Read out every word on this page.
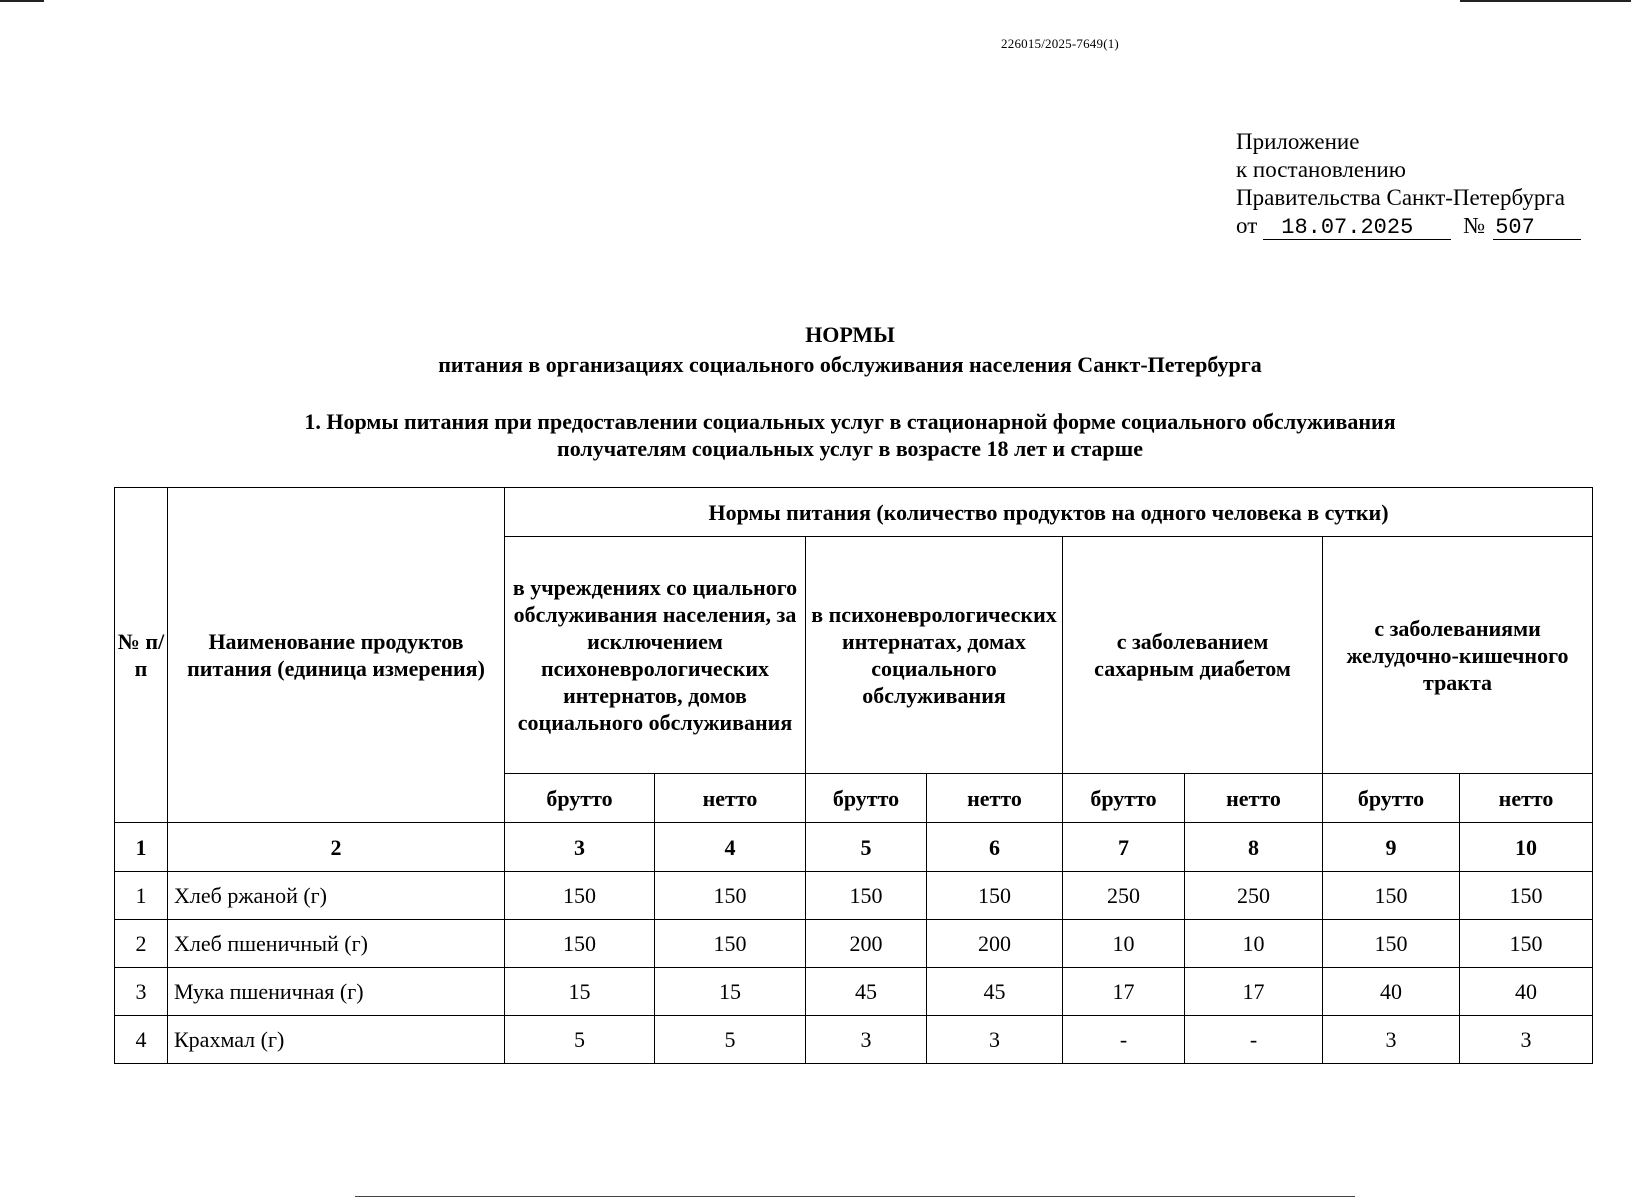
226015/2025-7649(1)
Приложение
к постановлению
Правительства Санкт-Петербурга
от	18.07.2025	№ 507
НОРМЫ
питания в организациях социального обслуживания населения Санкт-Петербурга
1. Нормы питания при предоставлении социальных услуг в стационарной форме социального обслуживания
получателям социальных услуг в возрасте 18 лет и старше
№ п/п	Наименование продуктов питания (единица измерения)	Нормы питания (количество продуктов на одного человека в сутки)							
		в учреждениях со циального обслуживания населения, за исключением психоневрологических интернатов, домов социального обслуживания		в психоневрологических интернатах, домах социального обслуживания		с заболеванием сахарным диабетом		с заболеваниями желудочно-кишечного тракта	
		брутто	нетто	брутто	нетто	брутто	нетто	брутто	нетто
1	2	3	4	5	6	7	8	9	10
1	Хлеб ржаной (г)	150	150	150	150	250	250	150	150
2	Хлеб пшеничный (г)	150	150	200	200	10	10	150	150
3	Мука пшеничная (г)	15	15	45	45	17	17	40	40
4	Крахмал (г)	5	5	3	3	-	-	3	3
